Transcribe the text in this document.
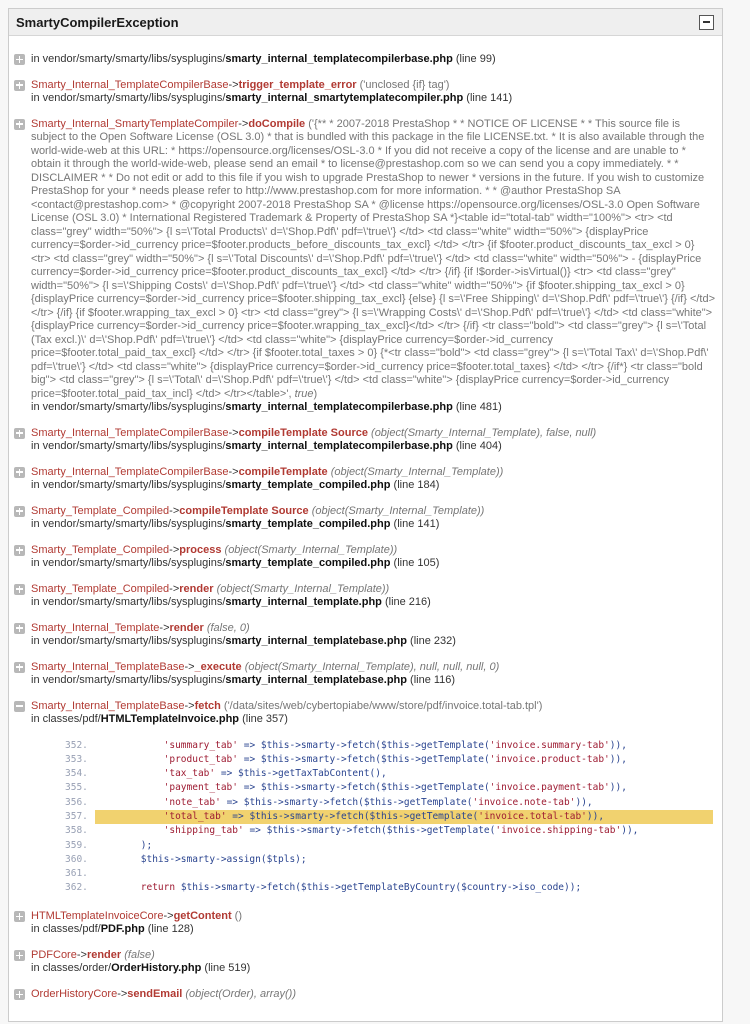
SmartyCompilerException
in vendor/smarty/smarty/libs/sysplugins/smarty_internal_templatecompilerbase.php (line 99)
Smarty_Internal_TemplateCompilerBase->trigger_template_error ('unclosed {if} tag')
in vendor/smarty/smarty/libs/sysplugins/smarty_internal_smartytemplatecompiler.php (line 141)
Smarty_Internal_SmartyTemplateCompiler->doCompile ('{** * 2007-2018 PrestaShop * * NOTICE OF LICENSE * * This source file is subject to the Open Software License (OSL 3.0) * that is bundled with this package in the file LICENSE.txt. * It is also available through the world-wide-web at this URL: * https://opensource.org/licenses/OSL-3.0 * If you did not receive a copy of the license and are unable to * obtain it through the world-wide-web, please send an email * to license@prestashop.com so we can send you a copy immediately. * * DISCLAIMER * * Do not edit or add to this file if you wish to upgrade PrestaShop to newer * versions in the future. If you wish to customize PrestaShop for your * needs please refer to http://www.prestashop.com for more information. * * @author PrestaShop SA <contact@prestashop.com> * @copyright 2007-2018 PrestaShop SA * @license https://opensource.org/licenses/OSL-3.0 Open Software License (OSL 3.0) * International Registered Trademark & Property of PrestaShop SA *}<table id="total-tab" width="100%"> <tr> <td class="grey" width="50%"> {l s=\'Total Products\' d=\'Shop.Pdf\' pdf=\'true\'} </td> <td class="white" width="50%"> {displayPrice currency=$order->id_currency price=$footer.products_before_discounts_tax_excl} </td> </tr> {if $footer.product_discounts_tax_excl > 0} <tr> <td class="grey" width="50%"> {l s=\'Total Discounts\' d=\'Shop.Pdf\' pdf=\'true\'} </td> <td class="white" width="50%"> - {displayPrice currency=$order->id_currency price=$footer.product_discounts_tax_excl} </td> </tr> {/if} {if !$order->isVirtual()} <tr> <td class="grey" width="50%"> {l s=\'Shipping Costs\' d=\'Shop.Pdf\' pdf=\'true\'} </td> <td class="white" width="50%"> {if $footer.shipping_tax_excl > 0} {displayPrice currency=$order->id_currency price=$footer.shipping_tax_excl} {else} {l s=\'Free Shipping\' d=\'Shop.Pdf\' pdf=\'true\'} {/if} </td> </tr> {/if} {if $footer.wrapping_tax_excl > 0} <tr> <td class="grey"> {l s=\'Wrapping Costs\' d=\'Shop.Pdf\' pdf=\'true\'} </td> <td class="white">{displayPrice currency=$order->id_currency price=$footer.wrapping_tax_excl}</td> </tr> {/if} <tr class="bold"> <td class="grey"> {l s=\'Total (Tax excl.)\' d=\'Shop.Pdf\' pdf=\'true\'} </td> <td class="white"> {displayPrice currency=$order->id_currency price=$footer.total_paid_tax_excl} </td> </tr> {if $footer.total_taxes > 0} {*<tr class="bold"> <td class="grey"> {l s=\'Total Tax\' d=\'Shop.Pdf\' pdf=\'true\'} </td> <td class="white"> {displayPrice currency=$order->id_currency price=$footer.total_taxes} </td> </tr> {/if*} <tr class="bold big"> <td class="grey"> {l s=\'Total\' d=\'Shop.Pdf\' pdf=\'true\'} </td> <td class="white"> {displayPrice currency=$order->id_currency price=$footer.total_paid_tax_incl} </td> </tr></table>', true)
in vendor/smarty/smarty/libs/sysplugins/smarty_internal_templatecompilerbase.php (line 481)
Smarty_Internal_TemplateCompilerBase->compileTemplate Source (object(Smarty_Internal_Template), false, null)
in vendor/smarty/smarty/libs/sysplugins/smarty_internal_templatecompilerbase.php (line 404)
Smarty_Internal_TemplateCompilerBase->compileTemplate (object(Smarty_Internal_Template))
in vendor/smarty/smarty/libs/sysplugins/smarty_template_compiled.php (line 184)
Smarty_Template_Compiled->compileTemplate Source (object(Smarty_Internal_Template))
in vendor/smarty/smarty/libs/sysplugins/smarty_template_compiled.php (line 141)
Smarty_Template_Compiled->process (object(Smarty_Internal_Template))
in vendor/smarty/smarty/libs/sysplugins/smarty_template_compiled.php (line 105)
Smarty_Template_Compiled->render (object(Smarty_Internal_Template))
in vendor/smarty/smarty/libs/sysplugins/smarty_internal_template.php (line 216)
Smarty_Internal_Template->render (false, 0)
in vendor/smarty/smarty/libs/sysplugins/smarty_internal_templatebase.php (line 232)
Smarty_Internal_TemplateBase->_execute (object(Smarty_Internal_Template), null, null, null, 0)
in vendor/smarty/smarty/libs/sysplugins/smarty_internal_templatebase.php (line 116)
Smarty_Internal_TemplateBase->fetch ('/data/sites/web/cybertopiabe/www/store/pdf/invoice.total-tab.tpl')
in classes/pdf/HTMLTemplateInvoice.php (line 357)
352.	'summary_tab' => $this->smarty->fetch($this->getTemplate('invoice.summary-tab')),
353.	'product_tab' => $this->smarty->fetch($this->getTemplate('invoice.product-tab')),
354.	'tax_tab' => $this->getTaxTabContent(),
355.	'payment_tab' => $this->smarty->fetch($this->getTemplate('invoice.payment-tab')),
356.	'note_tab' => $this->smarty->fetch($this->getTemplate('invoice.note-tab')),
357.	'total_tab' => $this->smarty->fetch($this->getTemplate('invoice.total-tab')),
358.	'shipping_tab' => $this->smarty->fetch($this->getTemplate('invoice.shipping-tab')),
359. );
360. $this->smarty->assign($tpls);
361.
362.	return $this->smarty->fetch($this->getTemplateByCountry($country->iso_code));
HTMLTemplateInvoiceCore->getContent ()
in classes/pdf/PDF.php (line 128)
PDFCore->render (false)
in classes/order/OrderHistory.php (line 519)
OrderHistoryCore->sendEmail (object(Order), array())
